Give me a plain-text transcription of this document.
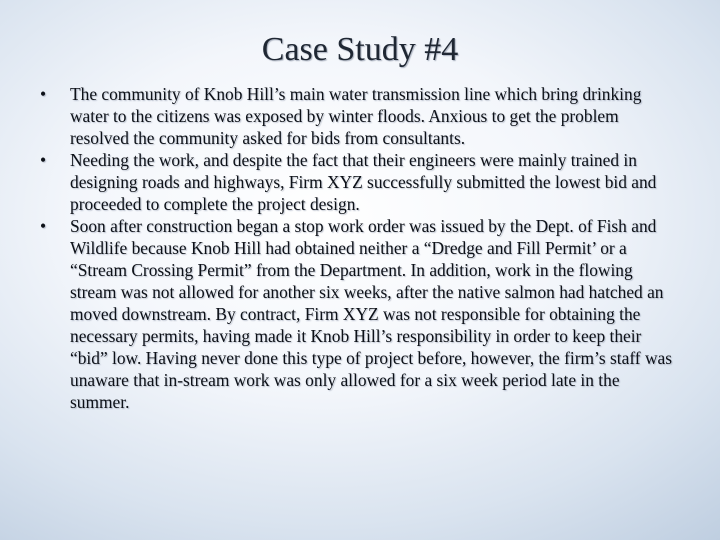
Case Study #4
•	The community of Knob Hill’s main water transmission line which bring drinking water to the citizens was exposed by winter floods. Anxious to get the problem resolved the community asked for bids from consultants.
•	Needing the work, and despite the fact that their engineers were mainly trained in designing roads and highways, Firm XYZ successfully submitted the lowest bid and proceeded to complete the project design.
•	Soon after construction began a stop work order was issued by the Dept. of Fish and Wildlife because Knob Hill had obtained neither a “Dredge and Fill Permit’ or a “Stream Crossing Permit” from the Department. In addition, work in the flowing stream was not allowed for another six weeks, after the native salmon had hatched an moved downstream. By contract, Firm XYZ was not responsible for obtaining the necessary permits, having made it Knob Hill’s responsibility in order to keep their “bid” low. Having never done this type of project before, however, the firm’s staff was unaware that in-stream work was only allowed for a six week period late in the summer.
